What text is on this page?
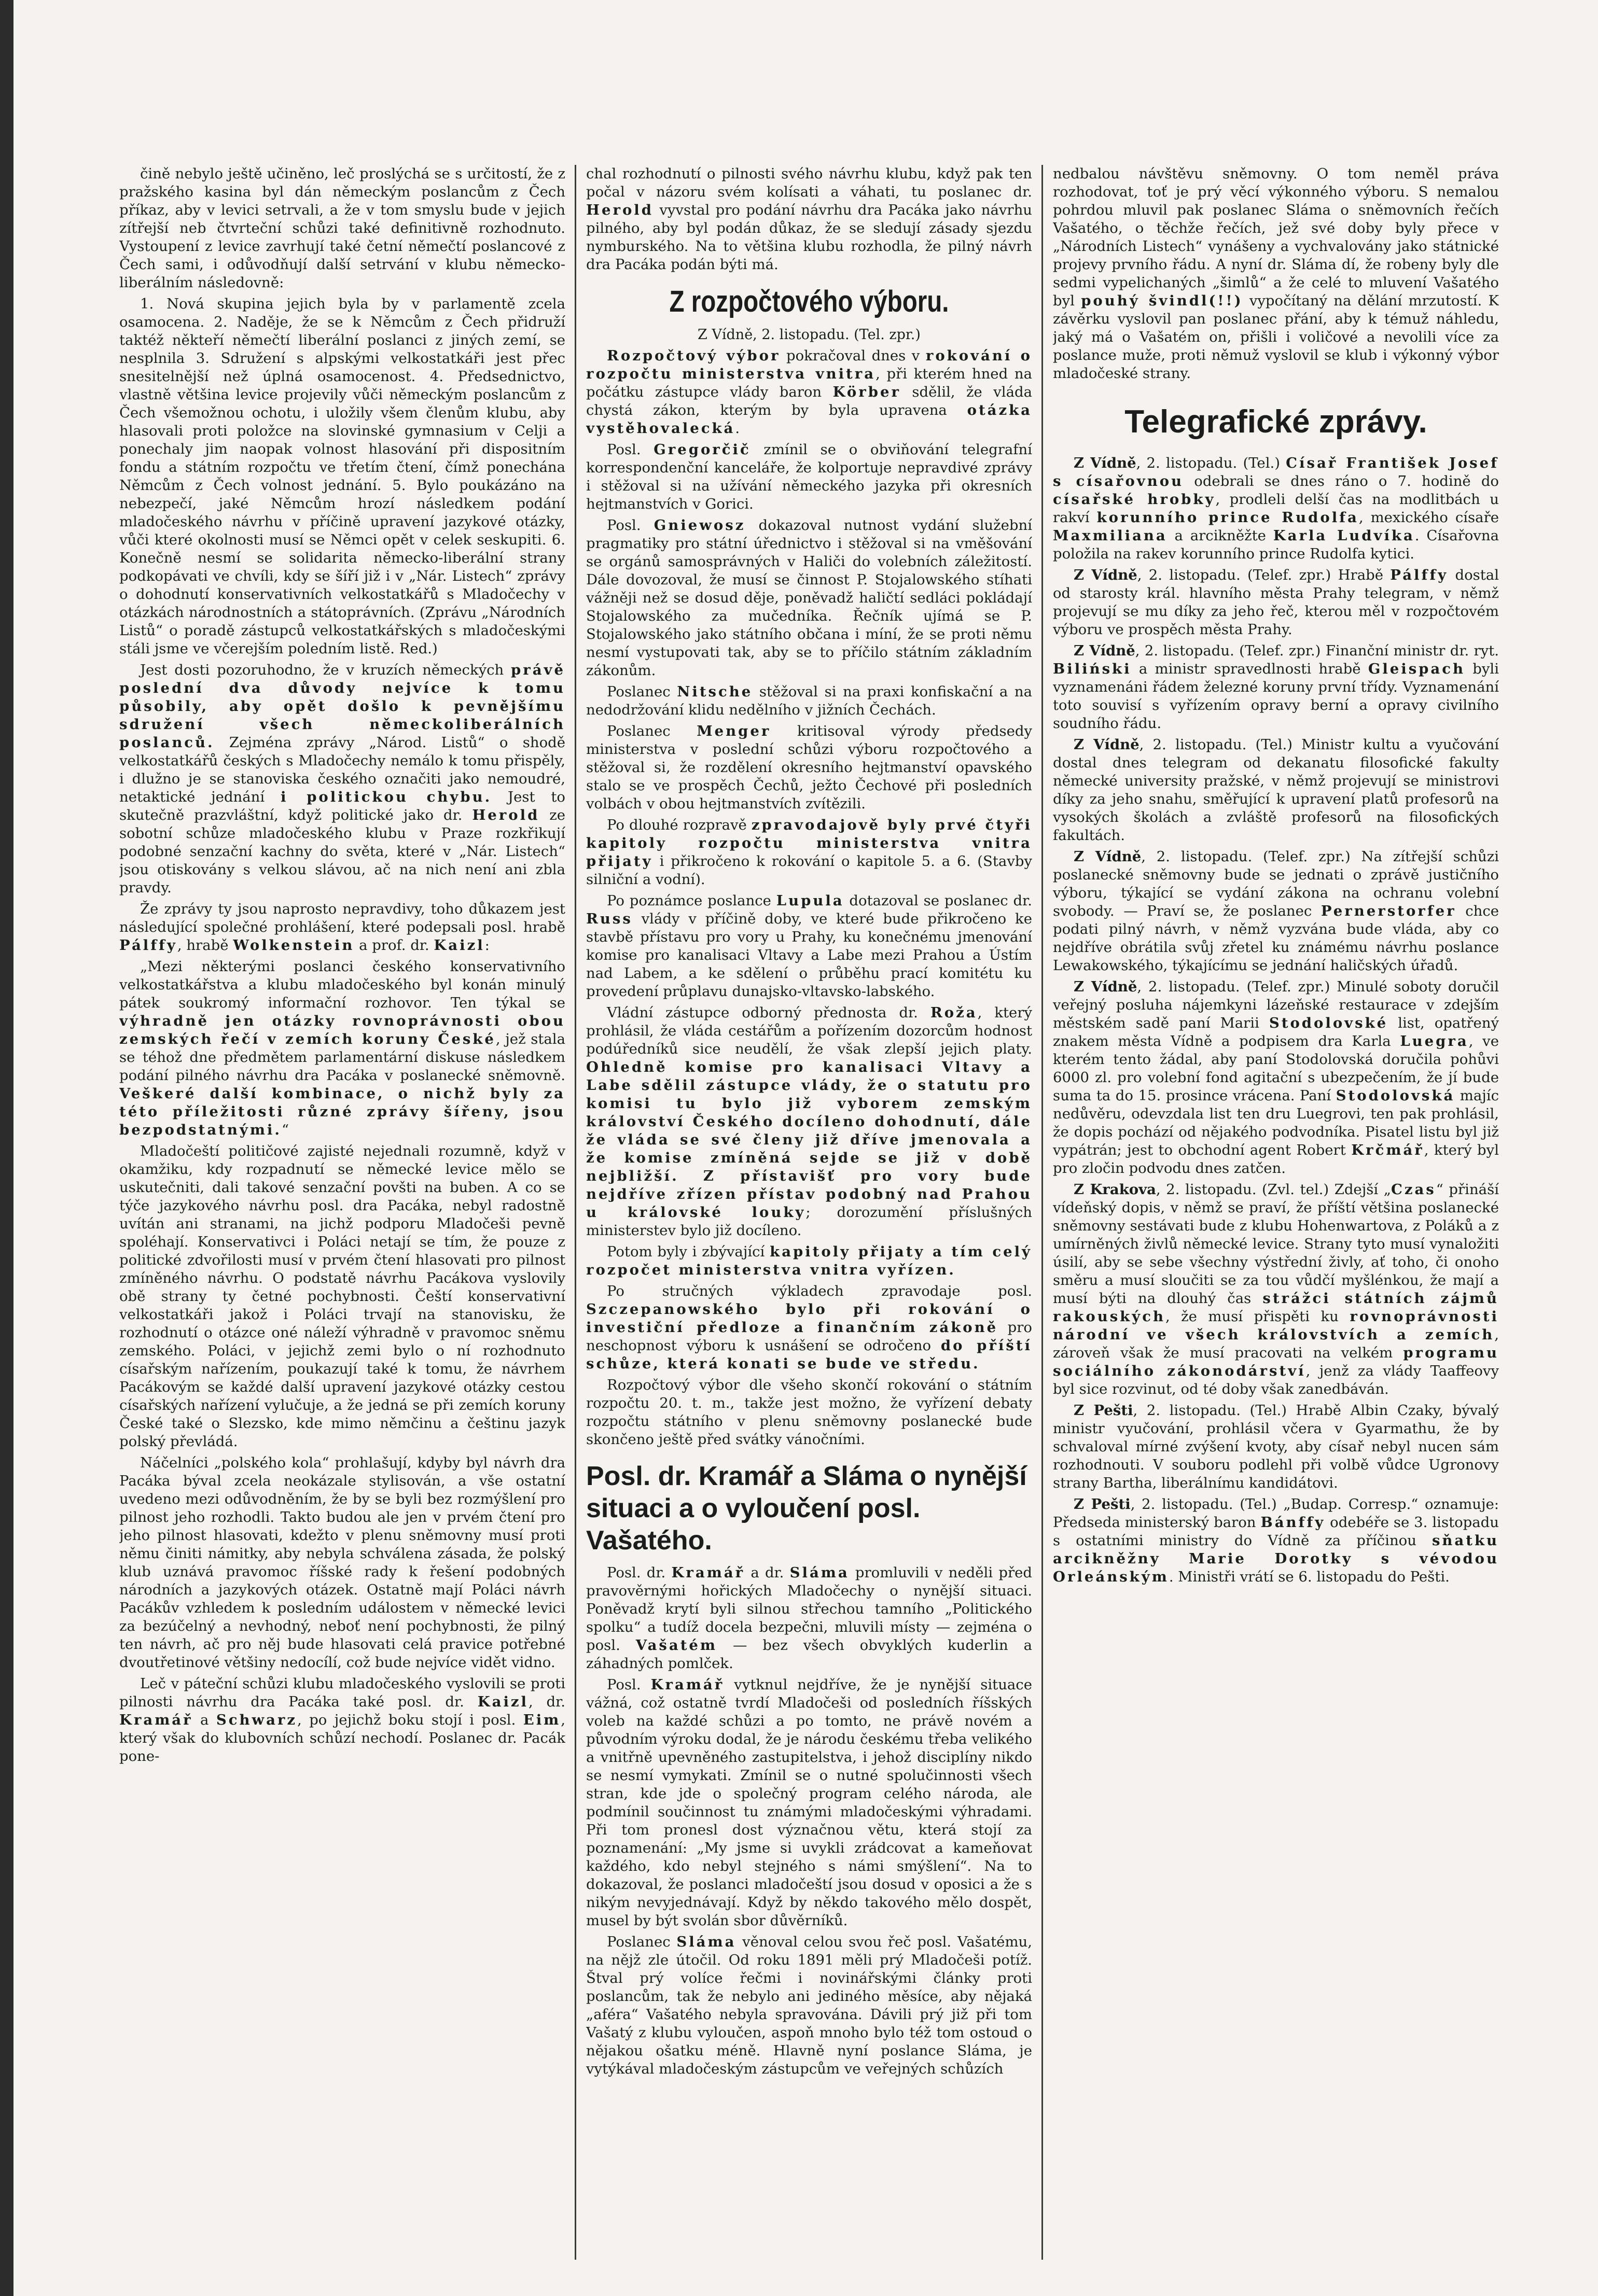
čině nebylo ještě učiněno, leč proslýchá se s určitostí, že z pražského kasina byl dán německým poslancům z Čech příkaz, aby v levici setrvali, a že v tom smyslu bude v jejich zítřejší neb čtvrteční schůzi také definitivně rozhodnuto. Vystoupení z levice zavrhují také četní němečtí poslancové z Čech sami, i odůvodňují další setrvání v klubu německo-liberálním následovně:

1. Nová skupina jejich byla by v parlamentě zcela osamocena. 2. Naděje, že se k Němcům z Čech přidruží taktéž někteří němečtí liberální poslanci z jiných zemí, se nesplnila 3. Sdružení s alpskými velkostatkáři jest přec snesitelnější než úplná osamocenost. 4. Předsednictvo, vlastně většina levice projevily vůči německým poslancům z Čech všemožnou ochotu, i uložily všem členům klubu, aby hlasovali proti položce na slovinské gymnasium v Celji a ponechaly jim naopak volnost hlasování při dispositním fondu a státním rozpočtu ve třetím čtení, čímž ponechána Němcům z Čech volnost jednání. 5. Bylo poukázáno na nebezpečí, jaké Němcům hrozí následkem podání mladočeského návrhu v příčině upravení jazykové otázky, vůči které okolnosti musí se Němci opět v celek seskupiti. 6. Konečně nesmí se solidarita německo-liberální strany podkopávati ve chvíli, kdy se šíří již i v „Nár. Listech“ zprávy o dohodnutí konservativních velkostatkářů s Mladočechy v otázkách národnostních a státoprávních. (Zprávu „Národních Listů“ o poradě zástupců velkostatkářských s mladočeskými stáli jsme ve včerejším poledním listě. Red.)

Jest dosti pozoruhodno, že v kruzích německých právě poslední dva důvody nejvíce k tomu působily, aby opět došlo k pevnějšímu sdružení všech německoliberálních poslanců. Zejména zprávy „Národ. Listů“ o shodě velkostatkářů českých s Mladočechy nemálo k tomu přispěly, i dlužno je se stanoviska českého označiti jako nemoudré, netaktické jednání i politickou chybu. Jest to skutečně prazvláštní, když politické jako dr. Herold ze sobotní schůze mladočeského klubu v Praze rozkřikují podobné senzační kachny do světa, které v „Nár. Listech“ jsou otiskovány s velkou slávou, ač na nich není ani zbla pravdy.

Že zprávy ty jsou naprosto nepravdivy, toho důkazem jest následující společné prohlášení, které podepsali posl. hrabě Pálffy, hrabě Wolkenstein a prof. dr. Kaizl:

„Mezi některými poslanci českého konservativního velkostatkářstva a klubu mladočeského byl konán minulý pátek soukromý informační rozhovor. Ten týkal se výhradně jen otázky rovnoprávnosti obou zemských řečí v zemích koruny České, jež stala se téhož dne předmětem parlamentární diskuse následkem podání pilného návrhu dra Pacáka v poslanecké sněmovně. Veškeré další kombinace, o nichž byly za této příležitosti různé zprávy šířeny, jsou bezpodstatnými.“

Mladočeští političové zajisté nejednali rozumně, když v okamžiku, kdy rozpadnutí se německé levice mělo se uskutečniti, dali takové senzační povšti na buben. A co se týče jazykového návrhu posl. dra Pacáka, nebyl radostně uvítán ani stranami, na jichž podporu Mladočeši pevně spoléhají. Konservativci i Poláci netají se tím, že pouze z politické zdvořilosti musí v prvém čtení hlasovati pro pilnost zmíněného návrhu. O podstatě návrhu Pacákova vyslovily obě strany ty četné pochybnosti. Čeští konservativní velkostatkáři jakož i Poláci trvají na stanovisku, že rozhodnutí o otázce oné náleží výhradně v pravomoc sněmu zemského. Poláci, v jejichž zemi bylo o ní rozhodnuto císařským nařízením, poukazují také k tomu, že návrhem Pacákovým se každé další upravení jazykové otázky cestou císařských nařízení vylučuje, a že jedná se při zemích koruny České také o Slezsko, kde mimo němčinu a češtinu jazyk polský převládá.

Náčelníci „polského kola“ prohlašují, kdyby byl návrh dra Pacáka býval zcela neokázale stylisován, a vše ostatní uvedeno mezi odůvodněním, že by se byli bez rozmýšlení pro pilnost jeho rozhodli. Takto budou ale jen v prvém čtení pro jeho pilnost hlasovati, kdežto v plenu sněmovny musí proti němu činiti námitky, aby nebyla schválena zásada, že polský klub uznává pravomoc říšské rady k řešení podobných národních a jazykových otázek. Ostatně mají Poláci návrh Pacákův vzhledem k posledním událostem v německé levici za bezúčelný a nevhodný, neboť není pochybnosti, že pilný ten návrh, ač pro něj bude hlasovati celá pravice potřebné dvoutřetinové většiny nedocílí, což bude nejvíce vidět vidno.

Leč v páteční schůzi klubu mladočeského vyslovili se proti pilnosti návrhu dra Pacáka také posl. dr. Kaizl, dr. Kramář a Schwarz, po jejichž boku stojí i posl. Eim, který však do klubovních schůzí nechodí. Poslanec dr. Pacák pone-

chal rozhodnutí o pilnosti svého návrhu klubu, když pak ten počal v názoru svém kolísati a váhati, tu poslanec dr. Herold vyvstal pro podání návrhu dra Pacáka jako návrhu pilného, aby byl podán důkaz, že se sledují zásady sjezdu nymburského. Na to většina klubu rozhodla, že pilný návrh dra Pacáka podán býti má.

Z rozpočtového výboru.

Z Vídně, 2. listopadu. (Tel. zpr.)

Rozpočtový výbor pokračoval dnes v rokování o rozpočtu ministerstva vnitra, při kterém hned na počátku zástupce vlády baron Körber sdělil, že vláda chystá zákon, kterým by byla upravena otázka vystěhovalecká.

Posl. Gregorčič zmínil se o obviňování telegrafní korrespondenční kanceláře, že kolportuje nepravdivé zprávy i stěžoval si na užívání německého jazyka při okresních hejtmanstvích v Gorici.

Posl. Gniewosz dokazoval nutnost vydání služební pragmatiky pro státní úřednictvo i stěžoval si na vměšování se orgánů samosprávných v Haliči do volebních záležitostí. Dále dovozoval, že musí se činnost P. Stojalowského stíhati vážněji než se dosud děje, poněvadž haličtí sedláci pokládají Stojalowského za mučedníka. Řečník ujímá se P. Stojalowského jako státního občana i míní, že se proti němu nesmí vystupovati tak, aby se to příčilo státním základním zákonům.

Poslanec Nitsche stěžoval si na praxi konfiskační a na nedodržování klidu nedělního v jižních Čechách.

Poslanec Menger kritisoval výrody předsedy ministerstva v poslední schůzi výboru rozpočtového a stěžoval si, že rozdělení okresního hejtmanství opavského stalo se ve prospěch Čechů, ježto Čechové při posledních volbách v obou hejtmanstvích zvítězili.

Po dlouhé rozpravě zpravodajově byly prvé čtyři kapitoly rozpočtu ministerstva vnitra přijaty i přikročeno k rokování o kapitole 5. a 6. (Stavby silniční a vodní).

Po poznámce poslance Lupula dotazoval se poslanec dr. Russ vlády v příčině doby, ve které bude přikročeno ke stavbě přístavu pro vory u Prahy, ku konečnému jmenování komise pro kanalisaci Vltavy a Labe mezi Prahou a Ústím nad Labem, a ke sdělení o průběhu prací komitétu ku provedení průplavu dunajsko-vltavsko-labského.

Vládní zástupce odborný přednosta dr. Roža, který prohlásil, že vláda cestářům a pořízením dozorcům hodnost podúředníků sice neudělí, že však zlepší jejich platy. Ohledně komise pro kanalisaci Vltavy a Labe sdělil zástupce vlády, že o statutu pro komisi tu bylo již vyborem zemským království Českého docíleno dohodnutí, dále že vláda se své členy již dříve jmenovala a že komise zmíněná sejde se již v době nejbližší. Z přístavišť pro vory bude nejdříve zřízen přístav podobný nad Prahou u královské louky; dorozumění příslušných ministerstev bylo již docíleno.

Potom byly i zbývající kapitoly přijaty a tím celý rozpočet ministerstva vnitra vyřízen.

Po stručných výkladech zpravodaje posl. Szczepanowského bylo při rokování o investiční předloze a finančním zákoně pro neschopnost výboru k usnášení se odročeno do příští schůze, která konati se bude ve středu.

Rozpočtový výbor dle všeho skončí rokování o státním rozpočtu 20. t. m., takže jest možno, že vyřízení debaty rozpočtu státního v plenu sněmovny poslanecké bude skončeno ještě před svátky vánočními.

Posl. dr. Kramář a Sláma o nynější situaci a o vyloučení posl. Vašatého.

Posl. dr. Kramář a dr. Sláma promluvili v neděli před pravověrnými hořických Mladočechy o nynější situaci. Poněvadž krytí byli silnou střechou tamního „Politického spolku“ a tudíž docela bezpečni, mluvili místy — zejména o posl. Vašatém — bez všech obvyklých kuderlin a záhadných pomlček.

Posl. Kramář vytknul nejdříve, že je nynější situace vážná, což ostatně tvrdí Mladočeši od posledních říšských voleb na každé schůzi a po tomto, ne právě novém a původním výroku dodal, že je národu českému třeba velikého a vnitřně upevněného zastupitelstva, i jehož disciplíny nikdo se nesmí vymykati. Zmínil se o nutné spolučinnosti všech stran, kde jde o společný program celého národa, ale podmínil součinnost tu známými mladočeskými výhradami. Při tom pronesl dost význačnou větu, která stojí za poznamenání: „My jsme si uvykli zrádcovat a kameňovat každého, kdo nebyl stejného s námi smýšlení“. Na to dokazoval, že poslanci mladočeští jsou dosud v oposici a že s nikým nevyjednávají. Když by někdo takového mělo dospět, musel by být svolán sbor důvěrníků.

Poslanec Sláma věnoval celou svou řeč posl. Vašatému, na nějž zle útočil. Od roku 1891 měli prý Mladočeši potíž. Štval prý volíce řečmi i novinářskými články proti poslancům, tak že nebylo ani jediného měsíce, aby nějaká „aféra“ Vašatého nebyla spravována. Dávili prý již při tom Vašatý z klubu vyloučen, aspoň mnoho bylo též tom ostoud o nějakou ošatku méně. Hlavně nyní poslance Sláma, je vytýkával mladočeským zástupcům ve veřejných schůzích

nedbalou návštěvu sněmovny. O tom neměl práva rozhodovat, toť je prý věcí výkonného výboru. S nemalou pohrdou mluvil pak poslanec Sláma o sněmovních řečích Vašatého, o těchže řečích, jež své doby byly přece v „Národních Listech“ vynášeny a vychvalovány jako státnické projevy prvního řádu. A nyní dr. Sláma dí, že robeny byly dle sedmi vypelichaných „šimlů“ a že celé to mluvení Vašatého byl pouhý švindl(!!) vypočítaný na dělání mrzutostí. K závěrku vyslovil pan poslanec přání, aby k témuž náhledu, jaký má o Vašatém on, přišli i voličové a nevolili více za poslance muže, proti němuž vyslovil se klub i výkonný výbor mladočeské strany.

Telegrafické zprávy.

Z Vídně, 2. listopadu. (Tel.) Císař František Josef s císařovnou odebrali se dnes ráno o 7. hodině do císařské hrobky, prodleli delší čas na modlitbách u rakví korunního prince Rudolfa, mexického císaře Maxmiliana a arcikněžte Karla Ludvíka. Císařovna položila na rakev korunního prince Rudolfa kytici.

Z Vídně, 2. listopadu. (Telef. zpr.) Hrabě Pálffy dostal od starosty král. hlavního města Prahy telegram, v němž projevují se mu díky za jeho řeč, kterou měl v rozpočtovém výboru ve prospěch města Prahy.

Z Vídně, 2. listopadu. (Telef. zpr.) Finanční ministr dr. ryt. Biliński a ministr spravedlnosti hrabě Gleispach byli vyznamenáni řádem železné koruny první třídy. Vyznamenání toto souvisí s vyřízením opravy berní a opravy civilního soudního řádu.

Z Vídně, 2. listopadu. (Tel.) Ministr kultu a vyučování dostal dnes telegram od dekanatu filosofické fakulty německé university pražské, v němž projevují se ministrovi díky za jeho snahu, směřující k upravení platů profesorů na vysokých školách a zvláště profesorů na filosofických fakultách.

Z Vídně, 2. listopadu. (Telef. zpr.) Na zítřejší schůzi poslanecké sněmovny bude se jednati o zprávě justičního výboru, týkající se vydání zákona na ochranu volební svobody. — Praví se, že poslanec Pernerstorfer chce podati pilný návrh, v němž vyzvána bude vláda, aby co nejdříve obrátila svůj zřetel ku známému návrhu poslance Lewakowského, týkajícímu se jednání haličských úřadů.

Z Vídně, 2. listopadu. (Telef. zpr.) Minulé soboty doručil veřejný posluha nájemkyni lázeňské restaurace v zdejším městském sadě paní Marii Stodolovské list, opatřený znakem města Vídně a podpisem dra Karla Luegra, ve kterém tento žádal, aby paní Stodolovská doručila pohůvi 6000 zl. pro volební fond agitační s ubezpečením, že jí bude suma ta do 15. prosince vrácena. Paní Stodolovská majíc nedůvěru, odevzdala list ten dru Luegrovi, ten pak prohlásil, že dopis pochází od nějakého podvodníka. Pisatel listu byl již vypátrán; jest to obchodní agent Robert Krčmář, který byl pro zločin podvodu dnes zatčen.

Z Krakova, 2. listopadu. (Zvl. tel.) Zdejší „Czas“ přináší vídeňský dopis, v němž se praví, že příští většina poslanecké sněmovny sestávati bude z klubu Hohenwartova, z Poláků a z umírněných živlů německé levice. Strany tyto musí vynaložiti úsilí, aby se sebe všechny výstřední živly, ať toho, či onoho směru a musí sloučiti se za tou vůdčí myšlénkou, že mají a musí býti na dlouhý čas strážci státních zájmů rakouských, že musí přispěti ku rovnoprávnosti národní ve všech královstvích a zemích, zároveň však že musí pracovati na velkém programu sociálního zákonodárství, jenž za vlády Taaffeovy byl sice rozvinut, od té doby však zanedbáván.

Z Pešti, 2. listopadu. (Tel.) Hrabě Albin Czaky, bývalý ministr vyučování, prohlásil včera v Gyarmathu, že by schvaloval mírné zvýšení kvoty, aby císař nebyl nucen sám rozhodnouti. V souboru podlehl při volbě vůdce Ugronovy strany Bartha, liberálnímu kandidátovi.

Z Pešti, 2. listopadu. (Tel.) „Budap. Corresp.“ oznamuje: Předseda ministerský baron Bánffy odebéře se 3. listopadu s ostatními ministry do Vídně za příčinou sňatku arcikněžny Marie Dorotky s vévodou Orleánským. Ministři vrátí se 6. listopadu do Pešti.
